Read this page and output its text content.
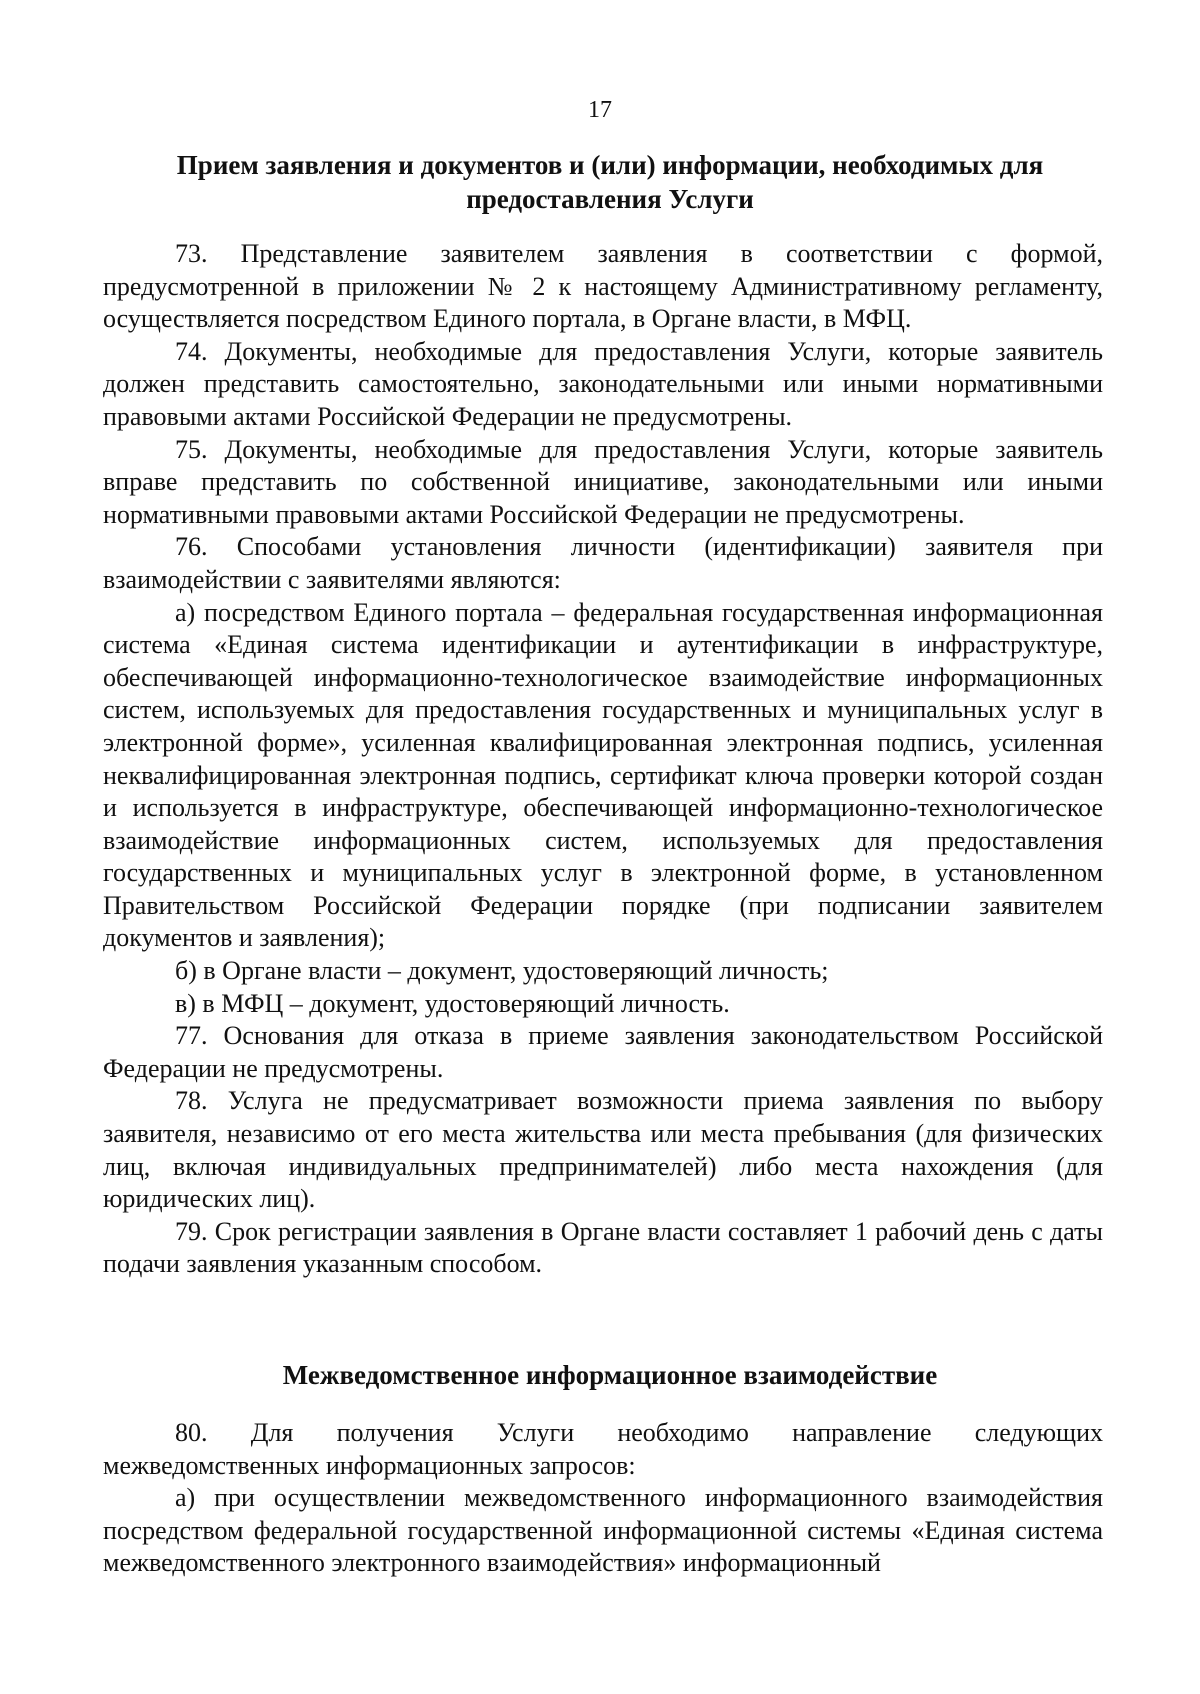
17
Прием заявления и документов и (или) информации, необходимых для предоставления Услуги

73. Представление заявителем заявления в соответствии с формой, предусмотренной в приложении № 2 к настоящему Административному регламенту, осуществляется посредством Единого портала, в Органе власти, в МФЦ.

74. Документы, необходимые для предоставления Услуги, которые заявитель должен представить самостоятельно, законодательными или иными нормативными правовыми актами Российской Федерации не предусмотрены.

75. Документы, необходимые для предоставления Услуги, которые заявитель вправе представить по собственной инициативе, законодательными или иными нормативными правовыми актами Российской Федерации не предусмотрены.

76. Способами установления личности (идентификации) заявителя при взаимодействии с заявителями являются:

а) посредством Единого портала – федеральная государственная информационная система «Единая система идентификации и аутентификации в инфраструктуре, обеспечивающей информационно-технологическое взаимодействие информационных систем, используемых для предоставления государственных и муниципальных услуг в электронной форме», усиленная квалифицированная электронная подпись, усиленная неквалифицированная электронная подпись, сертификат ключа проверки которой создан и используется в инфраструктуре, обеспечивающей информационно-технологическое взаимодействие информационных систем, используемых для предоставления государственных и муниципальных услуг в электронной форме, в установленном Правительством Российской Федерации порядке (при подписании заявителем документов и заявления);

б) в Органе власти – документ, удостоверяющий личность;

в) в МФЦ – документ, удостоверяющий личность.

77. Основания для отказа в приеме заявления законодательством Российской Федерации не предусмотрены.

78. Услуга не предусматривает возможности приема заявления по выбору заявителя, независимо от его места жительства или места пребывания (для физических лиц, включая индивидуальных предпринимателей) либо места нахождения (для юридических лиц).

79. Срок регистрации заявления в Органе власти составляет 1 рабочий день с даты подачи заявления указанным способом.

Межведомственное информационное взаимодействие

80. Для получения Услуги необходимо направление следующих межведомственных информационных запросов:

а) при осуществлении межведомственного информационного взаимодействия посредством федеральной государственной информационной системы «Единая система межведомственного электронного взаимодействия» информационный
